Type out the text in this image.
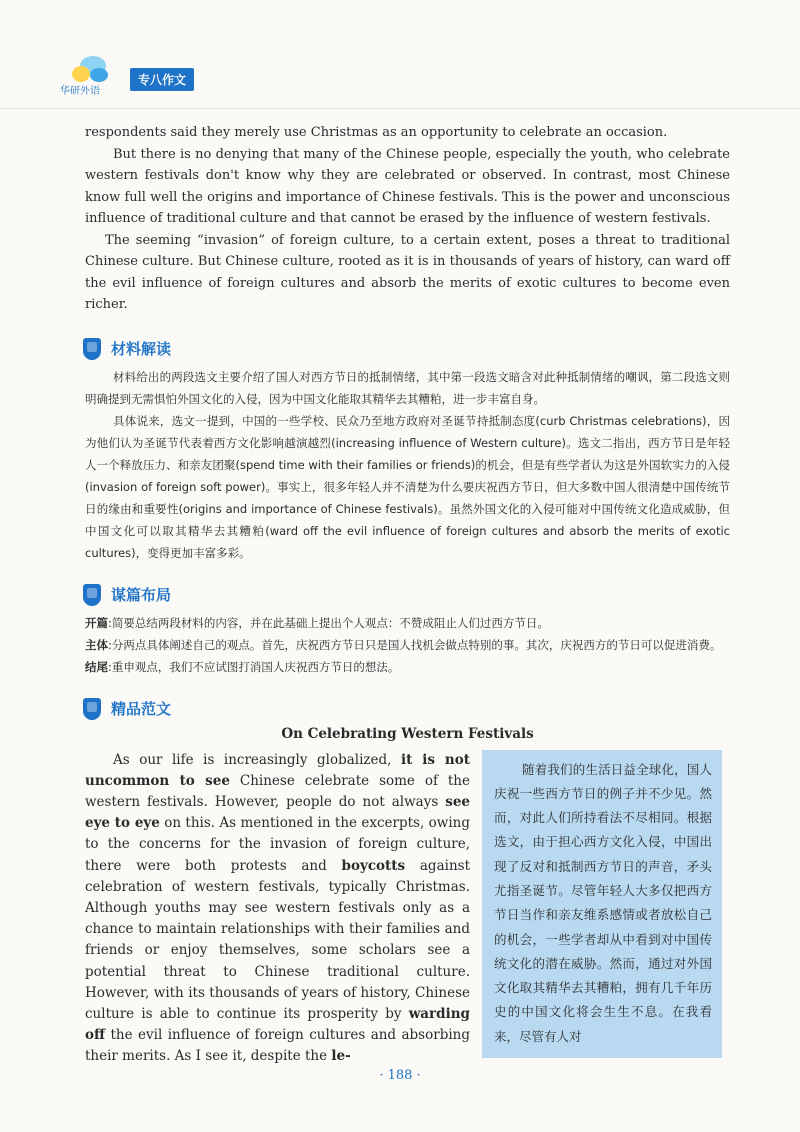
华研外语
专八作文

respondents said they merely use Christmas as an opportunity to celebrate an occasion.

But there is no denying that many of the Chinese people, especially the youth, who celebrate western festivals don't know why they are celebrated or observed. In contrast, most Chinese know full well the origins and importance of Chinese festivals. This is the power and unconscious influence of traditional culture and that cannot be erased by the influence of western festivals.

The seeming “invasion” of foreign culture, to a certain extent, poses a threat to traditional Chinese culture. But Chinese culture, rooted as it is in thousands of years of history, can ward off the evil influence of foreign cultures and absorb the merits of exotic cultures to become even richer.

材料解读

材料给出的两段选文主要介绍了国人对西方节日的抵制情绪，其中第一段选文暗含对此种抵制情绪的嘲讽，第二段选文则明确提到无需惧怕外国文化的入侵，因为中国文化能取其精华去其糟粕，进一步丰富自身。

具体说来，选文一提到，中国的一些学校、民众乃至地方政府对圣诞节持抵制态度(curb Christmas celebrations)，因为他们认为圣诞节代表着西方文化影响越演越烈(increasing influence of Western culture)。选文二指出，西方节日是年轻人一个释放压力、和亲友团聚(spend time with their families or friends)的机会，但是有些学者认为这是外国软实力的入侵(invasion of foreign soft power)。事实上，很多年轻人并不清楚为什么要庆祝西方节日，但大多数中国人很清楚中国传统节日的缘由和重要性(origins and importance of Chinese festivals)。虽然外国文化的入侵可能对中国传统文化造成威胁，但中国文化可以取其精华去其糟粕(ward off the evil influence of foreign cultures and absorb the merits of exotic cultures)，变得更加丰富多彩。

谋篇布局

开篇:简要总结两段材料的内容，并在此基础上提出个人观点：不赞成阻止人们过西方节日。

主体:分两点具体阐述自己的观点。首先，庆祝西方节日只是国人找机会做点特别的事。其次，庆祝西方的节日可以促进消费。

结尾:重申观点，我们不应试图打消国人庆祝西方节日的想法。

精品范文
On Celebrating Western Festivals

As our life is increasingly globalized, it is not uncommon to see Chinese celebrate some of the western festivals. However, people do not always see eye to eye on this. As mentioned in the excerpts, owing to the concerns for the invasion of foreign culture, there were both protests and boycotts against celebration of western festivals, typically Christmas. Although youths may see western festivals only as a chance to maintain relationships with their families and friends or enjoy themselves, some scholars see a potential threat to Chinese traditional culture. However, with its thousands of years of history, Chinese culture is able to continue its prosperity by warding off the evil influence of foreign cultures and absorbing their merits. As I see it, despite the le-

随着我们的生活日益全球化，国人庆祝一些西方节日的例子并不少见。然而，对此人们所持看法不尽相同。根据选文，由于担心西方文化入侵，中国出现了反对和抵制西方节日的声音，矛头尤指圣诞节。尽管年轻人大多仅把西方节日当作和亲友维系感情或者放松自己的机会，一些学者却从中看到对中国传统文化的潜在威胁。然而，通过对外国文化取其精华去其糟粕，拥有几千年历史的中国文化将会生生不息。在我看来，尽管有人对
· 188 ·
